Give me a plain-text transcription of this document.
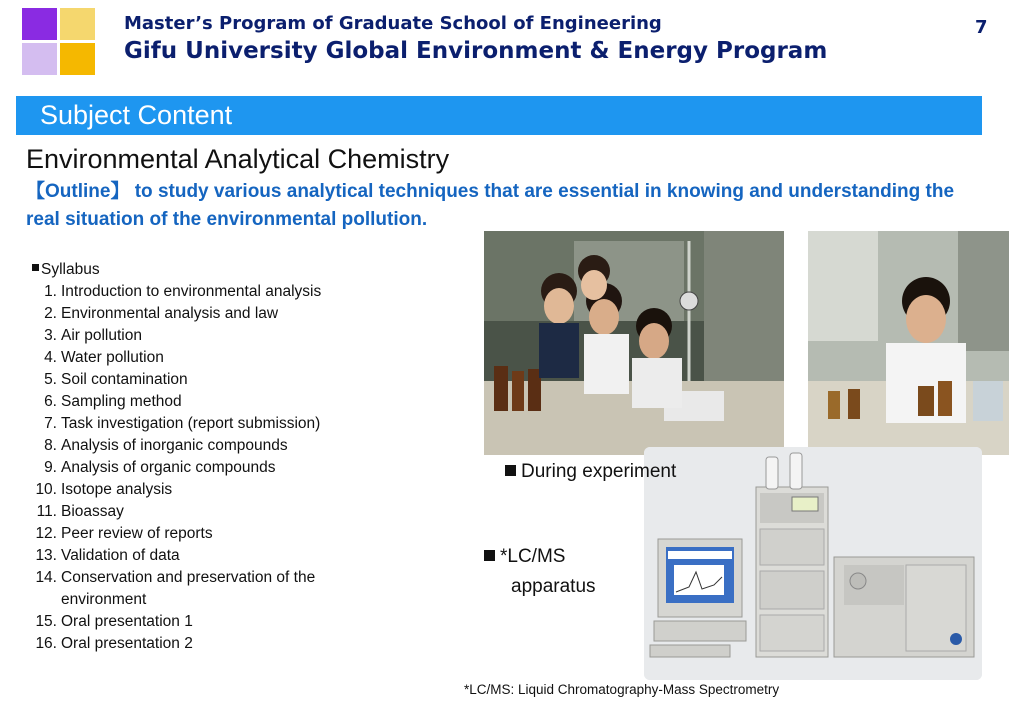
Master’s Program of Graduate School of Engineering
Gifu University Global Environment & Energy Program
7
Subject Content
Environmental Analytical Chemistry
【Outline】 to study various analytical techniques that are essential in knowing and understanding the real situation of the environmental pollution.
Syllabus
1. Introduction to environmental analysis
2. Environmental analysis and law
3. Air pollution
4. Water pollution
5. Soil contamination
6. Sampling method
7. Task investigation (report submission)
8. Analysis of inorganic compounds
9. Analysis of organic compounds
10. Isotope analysis
11. Bioassay
12. Peer review of reports
13. Validation of data
14. Conservation and preservation of the
environment
15. Oral presentation 1
16. Oral presentation 2
During experiment
*LC/MS
apparatus
*LC/MS: Liquid Chromatography-Mass Spectrometry
